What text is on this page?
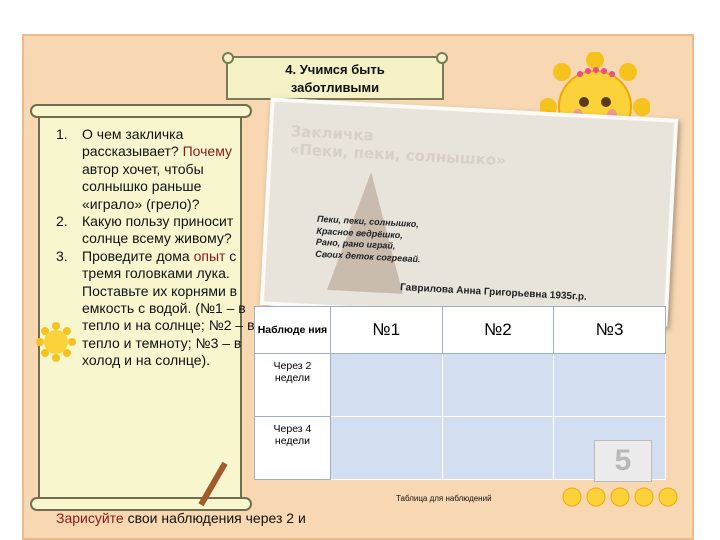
4. Учимся быть
заботливыми
1.	О чем закличка рассказывает? Почему автор хочет, чтобы солнышко раньше «играло» (грело)?
2.	Какую пользу приносит солнце всему живому?
3.	Проведите дома опыт с тремя головками лука. Поставьте их корнями в емкость с водой. (№1 – в тепло и на солнце; №2 – в тепло и темноту; №3 – в холод и на солнце).
Зарисуйте свои наблюдения через 2 и
Закличка
«Пеки, пеки, солнышко»
Пеки, пеки, солнышко,
Красное ведрёшко,
Рано, рано играй,
Своих деток согревай.
Гаврилова Анна Григорьевна 1935г.р.
Наблюде ния	№1	№2	№3
Через 2 недели			
Через 4 недели			
5
Таблица для наблюдений
